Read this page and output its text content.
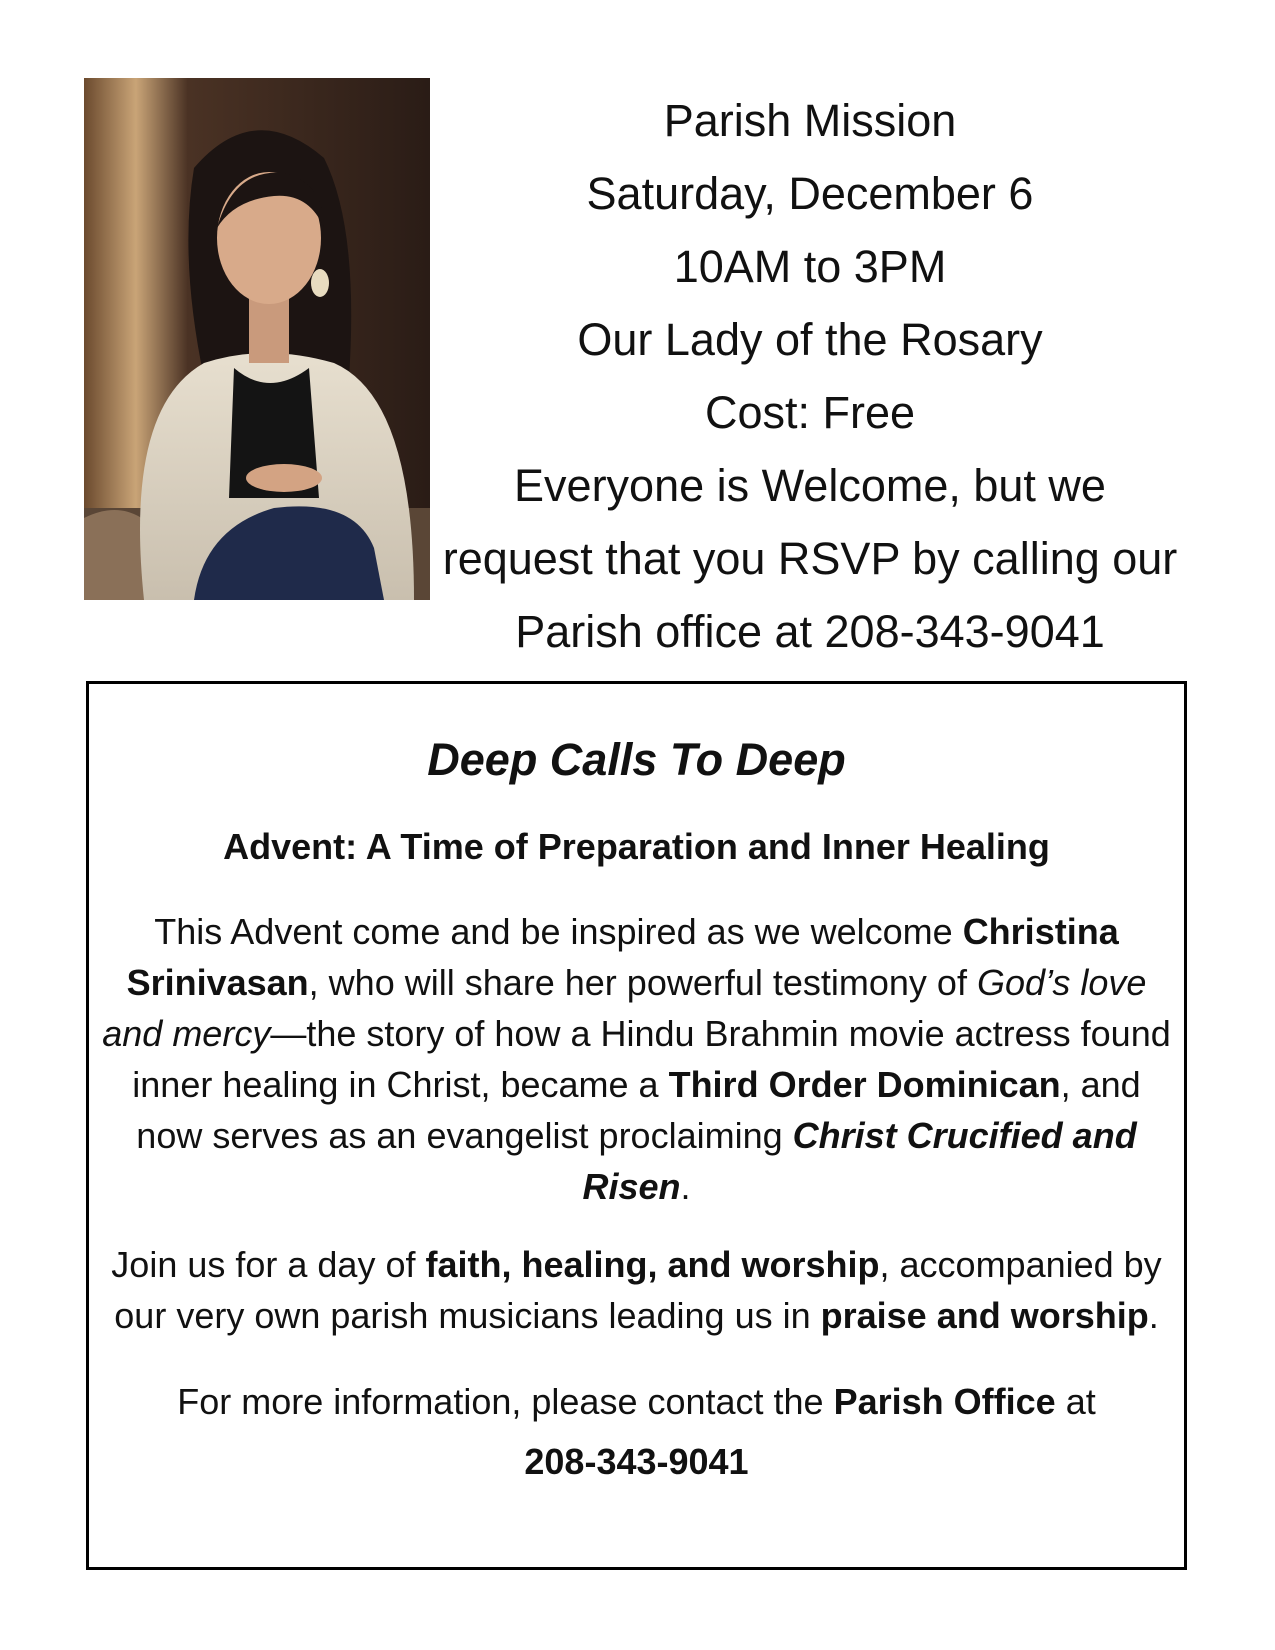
Parish Mission

Saturday, December 6

10AM to 3PM

Our Lady of the Rosary

Cost: Free

Everyone is Welcome, but we

request that you RSVP by calling our

Parish office at 208-343-9041

Deep Calls To Deep
Advent: A Time of Preparation and Inner Healing

This Advent come and be inspired as we welcome Christina Srinivasan, who will share her powerful testimony of God’s love and mercy—the story of how a Hindu Brahmin movie actress found inner healing in Christ, became a Third Order Dominican, and now serves as an evangelist proclaiming Christ Crucified and Risen.

Join us for a day of faith, healing, and worship, accompanied by our very own parish musicians leading us in praise and worship.

For more information, please contact the Parish Office at
208-343-9041
